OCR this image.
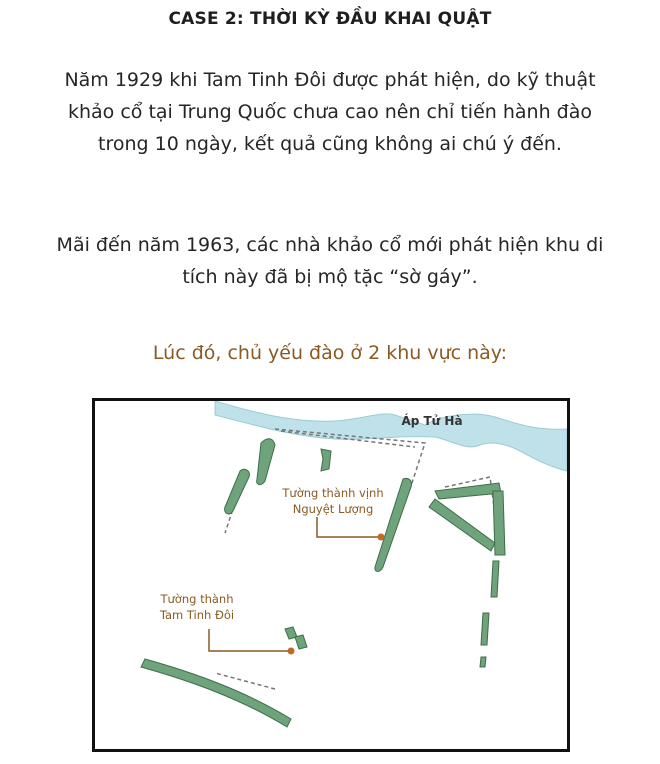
CASE 2: THỜI KỲ ĐẦU KHAI QUẬT
Năm 1929 khi Tam Tinh Đôi được phát hiện, do kỹ thuật khảo cổ tại Trung Quốc chưa cao nên chỉ tiến hành đào trong 10 ngày, kết quả cũng không ai chú ý đến.
Mãi đến năm 1963, các nhà khảo cổ mới phát hiện khu di tích này đã bị mộ tặc “sờ gáy”.
Lúc đó, chủ yếu đào ở 2 khu vực này:
Áp Tử Hà
Tường thành vịnh Nguyệt Lượng
Tường thành Tam Tinh Đôi
